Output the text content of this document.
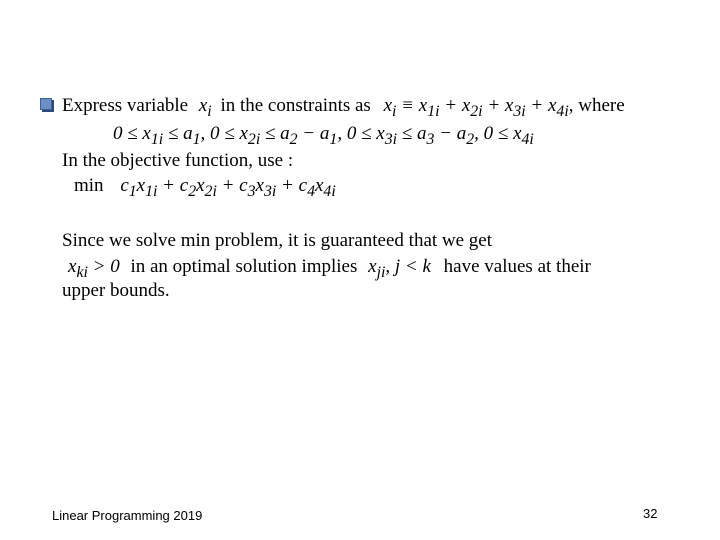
Express variable $x_i$ in the constraints as $x_i \equiv x_{1i} + x_{2i} + x_{3i} + x_{4i}$, where
$0 \le x_{1i} \le a_1$, $0 \le x_{2i} \le a_2 - a_1$, $0 \le x_{3i} \le a_3 - a_2$, $0 \le x_{4i}$
In the objective function, use :
$\min c_1x_{1i} + c_2x_{2i} + c_3x_{3i} + c_4x_{4i}$
Since we solve min problem, it is guaranteed that we get
$x_{ki} > 0$ in an optimal solution implies $x_{ji}$, j < k have values at their
upper bounds.
Linear Programming 2019	32
